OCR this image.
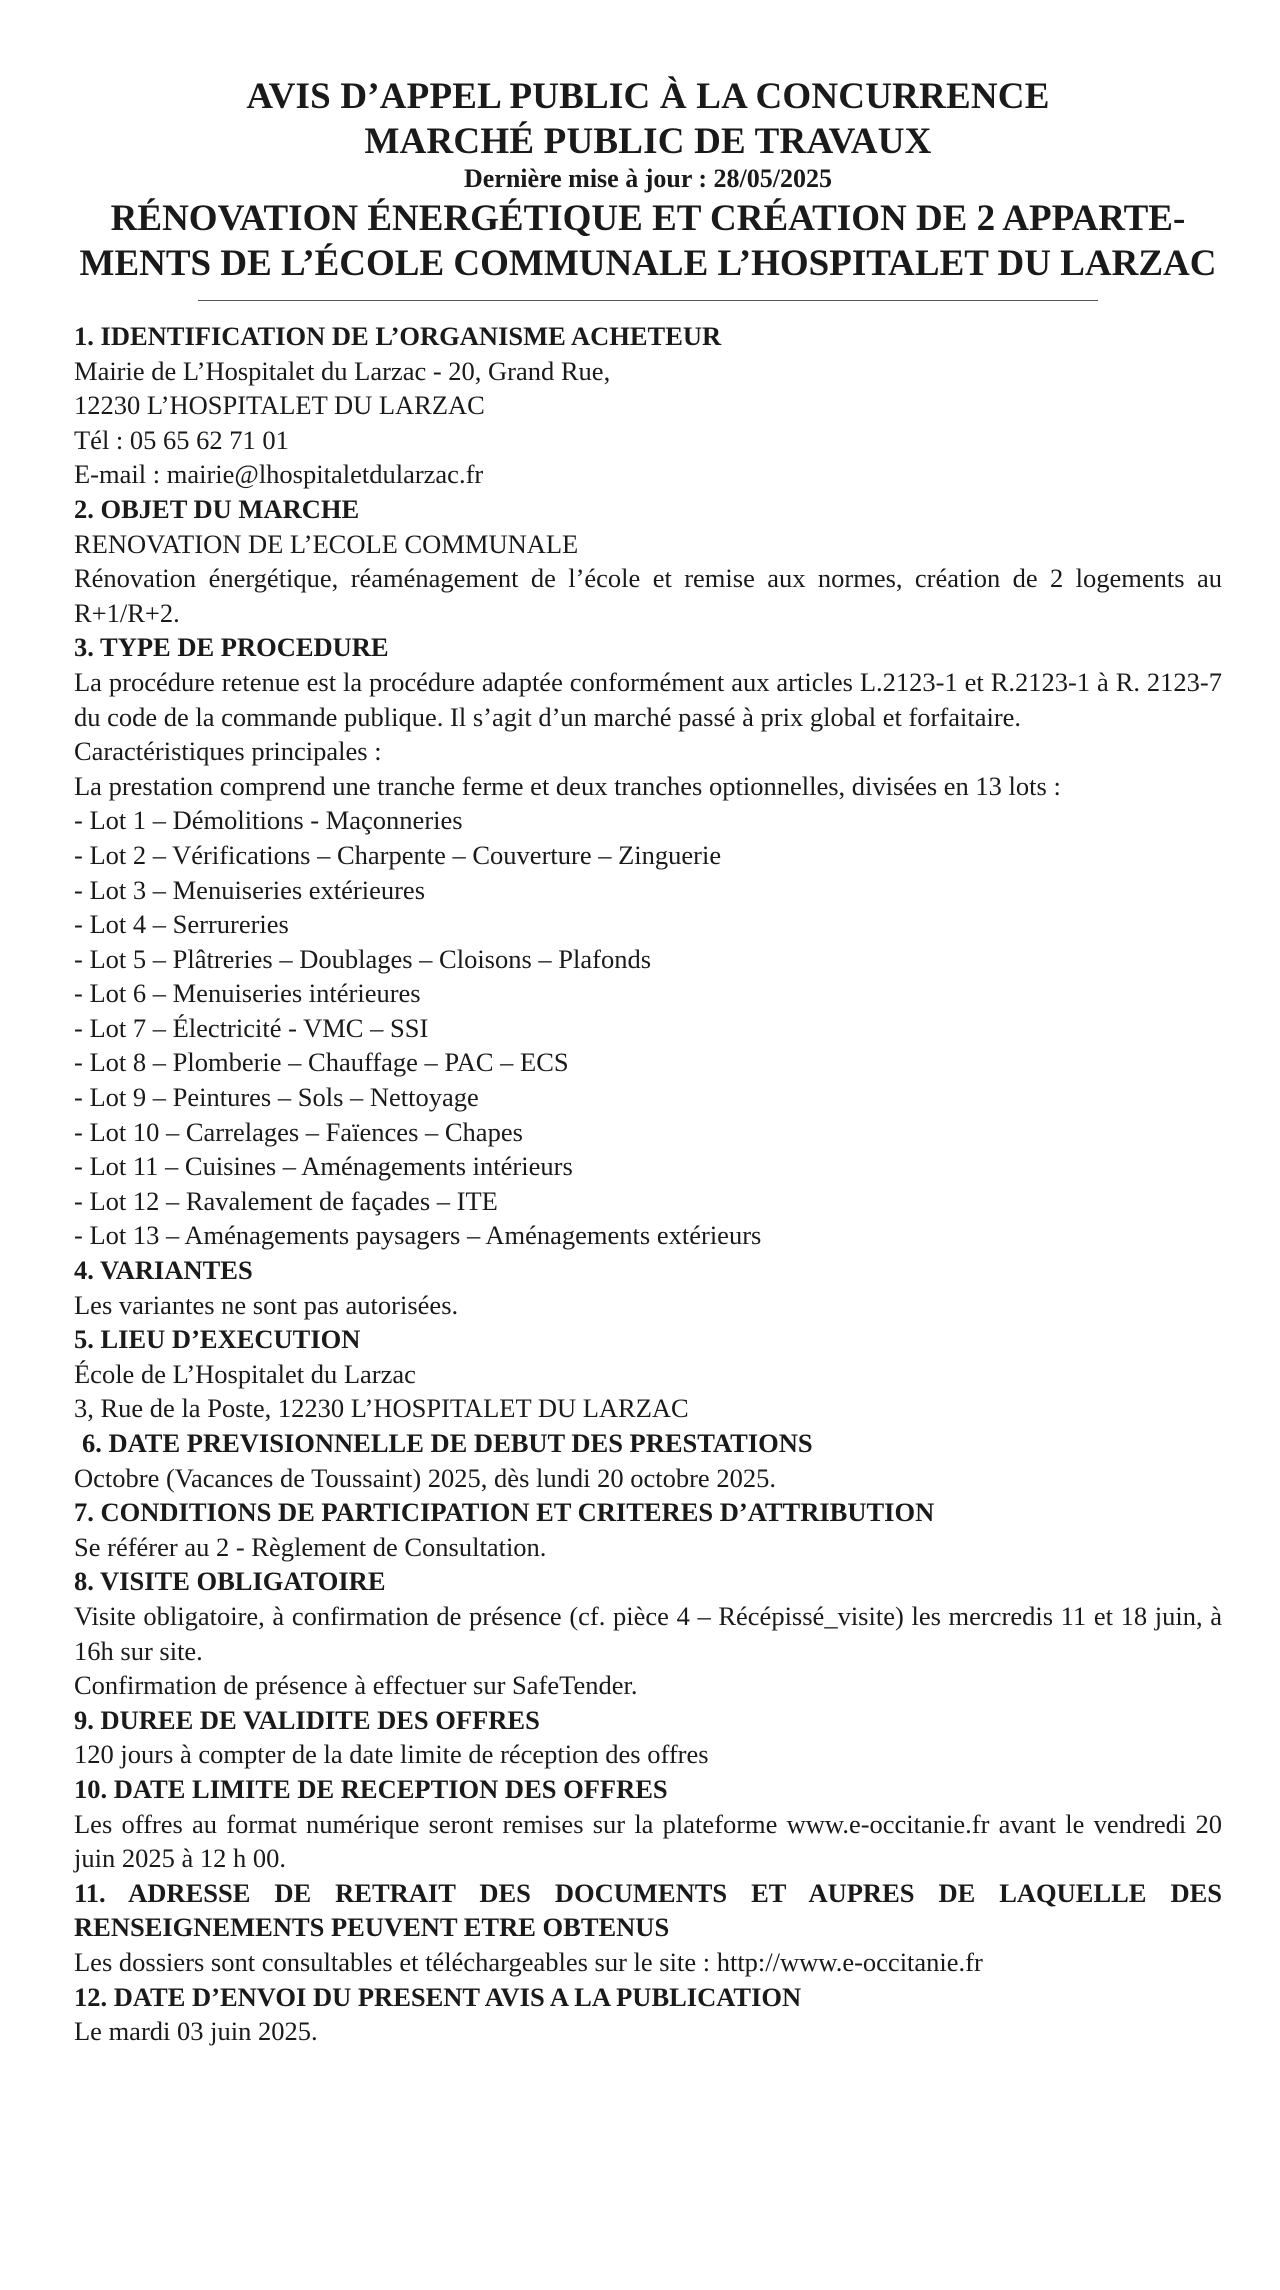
AVIS D’APPEL PUBLIC À LA CONCURRENCE
MARCHÉ PUBLIC DE TRAVAUX
Dernière mise à jour : 28/05/2025
RÉNOVATION ÉNERGÉTIQUE ET CRÉATION DE 2 APPARTE-
MENTS DE L’ÉCOLE COMMUNALE L’HOSPITALET DU LARZAC
1. IDENTIFICATION DE L’ORGANISME ACHETEUR
Mairie de L’Hospitalet du Larzac - 20, Grand Rue,
12230 L’HOSPITALET DU LARZAC
Tél : 05 65 62 71 01
E-mail : mairie@lhospitaletdularzac.fr
2. OBJET DU MARCHE
RENOVATION DE L’ECOLE COMMUNALE
Rénovation énergétique, réaménagement de l’école et remise aux normes, création de 2 logements au R+1/R+2.
3. TYPE DE PROCEDURE
La procédure retenue est la procédure adaptée conformément aux articles L.2123-1 et R.2123-1 à R. 2123-7 du code de la commande publique. Il s’agit d’un marché passé à prix global et forfaitaire.
Caractéristiques principales :
La prestation comprend une tranche ferme et deux tranches optionnelles, divisées en 13 lots :
- Lot 1 – Démolitions - Maçonneries
- Lot 2 – Vérifications – Charpente – Couverture – Zinguerie
- Lot 3 – Menuiseries extérieures
- Lot 4 – Serrureries
- Lot 5 – Plâtreries – Doublages – Cloisons – Plafonds
- Lot 6 – Menuiseries intérieures
- Lot 7 – Électricité - VMC – SSI
- Lot 8 – Plomberie – Chauffage – PAC – ECS
- Lot 9 – Peintures – Sols – Nettoyage
- Lot 10 – Carrelages – Faïences – Chapes
- Lot 11 – Cuisines – Aménagements intérieurs
- Lot 12 – Ravalement de façades – ITE
- Lot 13 – Aménagements paysagers – Aménagements extérieurs
4. VARIANTES
Les variantes ne sont pas autorisées.
5. LIEU D’EXECUTION
École de L’Hospitalet du Larzac
3, Rue de la Poste, 12230 L’HOSPITALET DU LARZAC
6. DATE PREVISIONNELLE DE DEBUT DES PRESTATIONS
Octobre (Vacances de Toussaint) 2025, dès lundi 20 octobre 2025.
7. CONDITIONS DE PARTICIPATION ET CRITERES D’ATTRIBUTION
Se référer au 2 - Règlement de Consultation.
8. VISITE OBLIGATOIRE
Visite obligatoire, à confirmation de présence (cf. pièce 4 – Récépissé_visite) les mercredis 11 et 18 juin, à 16h sur site.
Confirmation de présence à effectuer sur SafeTender.
9. DUREE DE VALIDITE DES OFFRES
120 jours à compter de la date limite de réception des offres
10. DATE LIMITE DE RECEPTION DES OFFRES
Les offres au format numérique seront remises sur la plateforme www.e-occitanie.fr avant le vendredi 20 juin 2025 à 12 h 00.
11. ADRESSE DE RETRAIT DES DOCUMENTS ET AUPRES DE LAQUELLE DES RENSEIGNEMENTS PEUVENT ETRE OBTENUS
Les dossiers sont consultables et téléchargeables sur le site : http://www.e-occitanie.fr
12. DATE D’ENVOI DU PRESENT AVIS A LA PUBLICATION
Le mardi 03 juin 2025.
